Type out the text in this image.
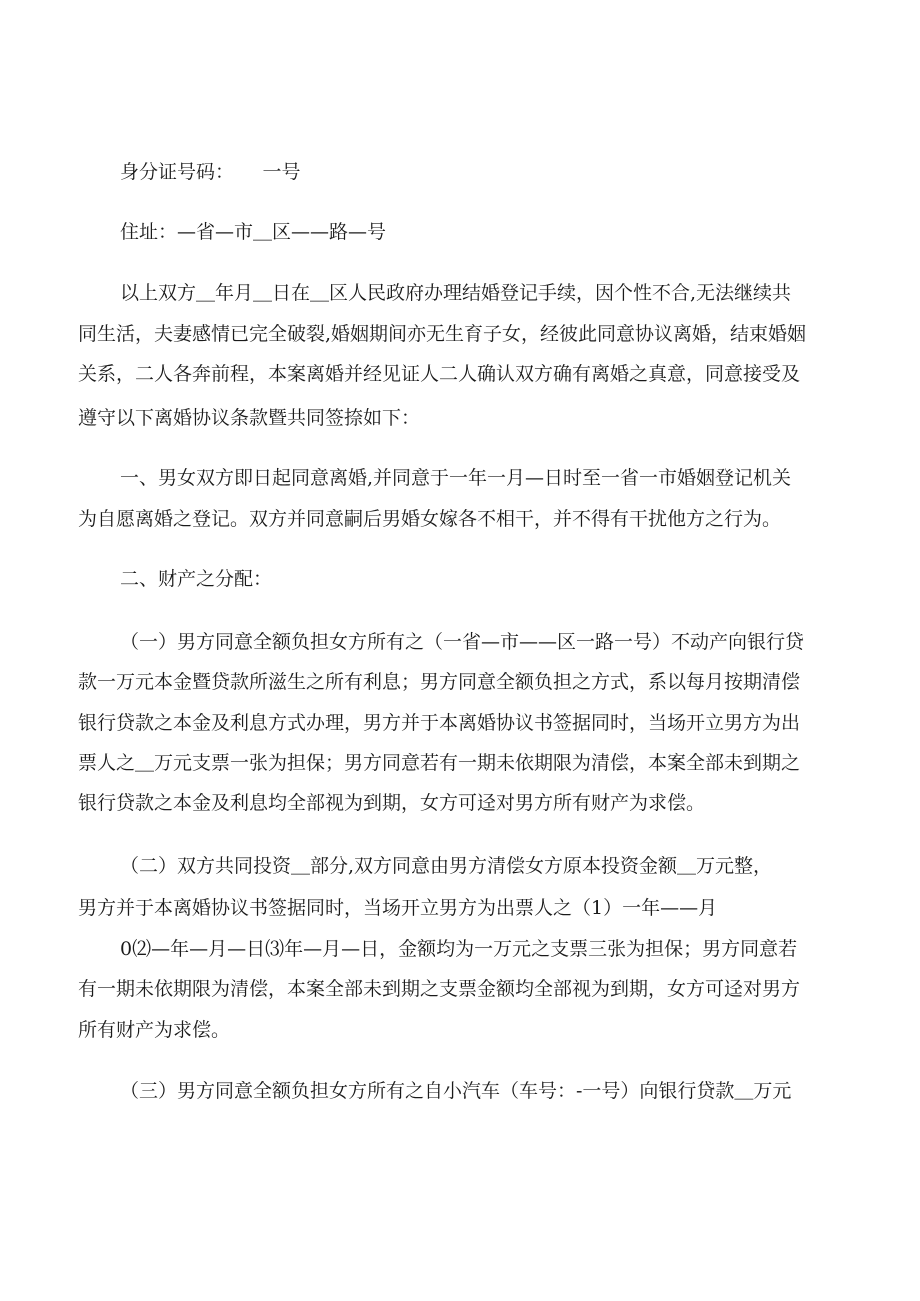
身分证号码：　　一号
住址：—省—市＿区——路—号
以上双方＿年月＿日在＿区人民政府办理结婚登记手续，因个性不合,无法继续共
同生活，夫妻感情已完全破裂,婚姻期间亦无生育子女，经彼此同意协议离婚，结束婚姻
关系，二人各奔前程，本案离婚并经见证人二人确认双方确有离婚之真意，同意接受及
遵守以下离婚协议条款暨共同签捺如下：
一、男女双方即日起同意离婚,并同意于一年一月—日时至一省一市婚姻登记机关
为自愿离婚之登记。双方并同意嗣后男婚女嫁各不相干，并不得有干扰他方之行为。
二、财产之分配：
（一）男方同意全额负担女方所有之（一省—市——区一路一号）不动产向银行贷
款一万元本金暨贷款所滋生之所有利息；男方同意全额负担之方式，系以每月按期清偿
银行贷款之本金及利息方式办理，男方并于本离婚协议书签据同时，当场开立男方为出
票人之＿万元支票一张为担保；男方同意若有一期未依期限为清偿，本案全部未到期之
银行贷款之本金及利息均全部视为到期，女方可迳对男方所有财产为求偿。
（二）双方共同投资＿部分,双方同意由男方清偿女方原本投资金额＿万元整，
男方并于本离婚协议书签据同时，当场开立男方为出票人之（1）一年——月
0⑵—年—月—日⑶年—月—日，金额均为一万元之支票三张为担保；男方同意若
有一期未依期限为清偿，本案全部未到期之支票金额均全部视为到期，女方可迳对男方
所有财产为求偿。
（三）男方同意全额负担女方所有之自小汽车（车号：-一号）向银行贷款＿万元
